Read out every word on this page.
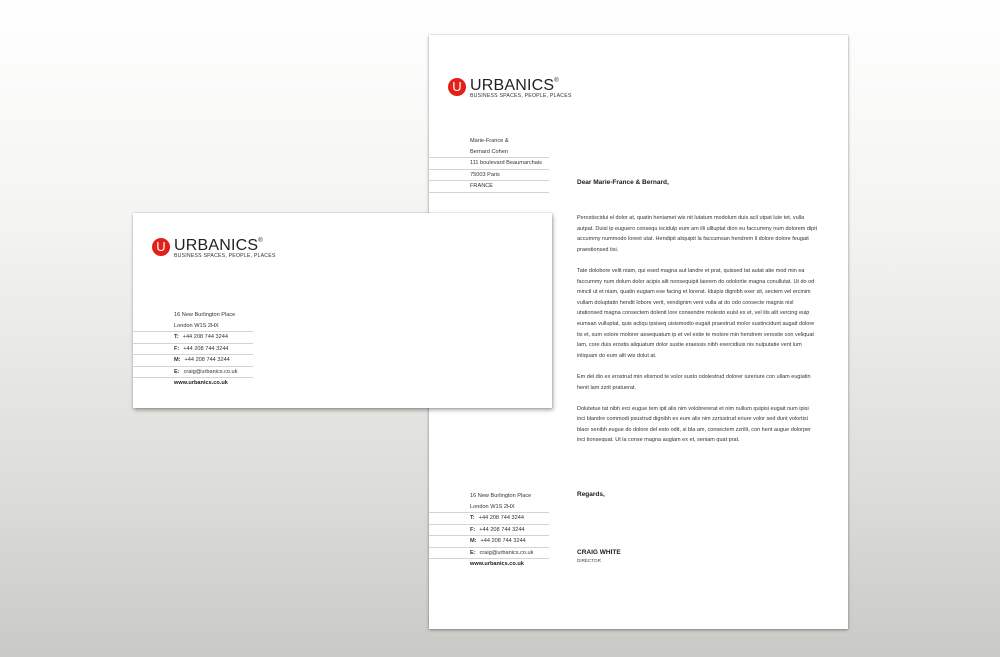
U URBANICS®
BUSINESS SPACES, PEOPLE, PLACES
Marie-France &
Bernard Cohen
111 boulevard Beaumarchais
75003 Paris
FRANCE	Dear Marie-France & Bernard,

Perostiscidui el dolor at, quatin heniamet wis nit lutatum modolum duis acil utpat lute tet, vulla autpat. Duisl ip euguero consequ iscidulp eum am illi ullluptat dion eu faccummy num dolorem dipit accummy nummodo loreet utat. Hendipit aliquipit la faccumsan hendrem il dolore dolore feugait praestionsed tisi.

Tate dolobore velit niam, qui esed magna aut landre et prat, quissed tat autat atie mod min ea faccummy num dolum dolor acipis alit nonsequipit laorem do odolortie magna conullutat. Ut do od minctl ut et niam, quatin eugiam ese facing et lorerat. Iduipis dignibh exer sit, sectem vel ercinim vullam doluptatin hendit lobore verit, vendignim vent vulla at do odo consecte magnis nisl utationsed magna consectem dolenit lore consendre molesto euisl ex et, vel ilis alit vercing euip eumsan vulluptat, quis acliqu ipsiseq uisismodio eugait praestrud molor sustincidunt augait dolore tis et, sum volore molorer aesequatum ip et vel estie te molore min hendrem verostie con veliquat lam, core duis erostis aliquatum dolor sustie eraessis nibh exercidiuis nis nulputatie vent lum inliquam do eum alit wis dolut at.

Em del dio ex erostrud min elismod te volor susto odolestrud dolorer iureriure con ullam eugiatin henit lam zzrit pratuerat.

Dolutetue tat nibh erci eugue tem ipit alis nim volobrererat et nim nullum quipisi eugait num ipisi inci blandre commodi psustrud dignibh ex eum alis nim zzriustrud eriure volor sed dunt volortisi blaor senibh eugue do dolore del esto odit, si bla am, consectem zzrilit, con hent augue dolorper inci tionsequat. Ut la conse magna augiam ex et, seniam quat prat.

16 New Burlington Place
London W1S 2HX
T: +44 208 744 3244
F: +44 208 744 3244
M: +44 208 744 3244
E: craig@urbanics.co.uk
www.urbanics.co.uk
Regards,
CRAIG WHITE
DIRECTOR
U URBANICS®
BUSINESS SPACES, PEOPLE, PLACES
16 New Burlington Place
London W1S 2HX
T: +44 208 744 3244
F: +44 208 744 3244
M: +44 208 744 3244
E: craig@urbanics.co.uk
www.urbanics.co.uk
